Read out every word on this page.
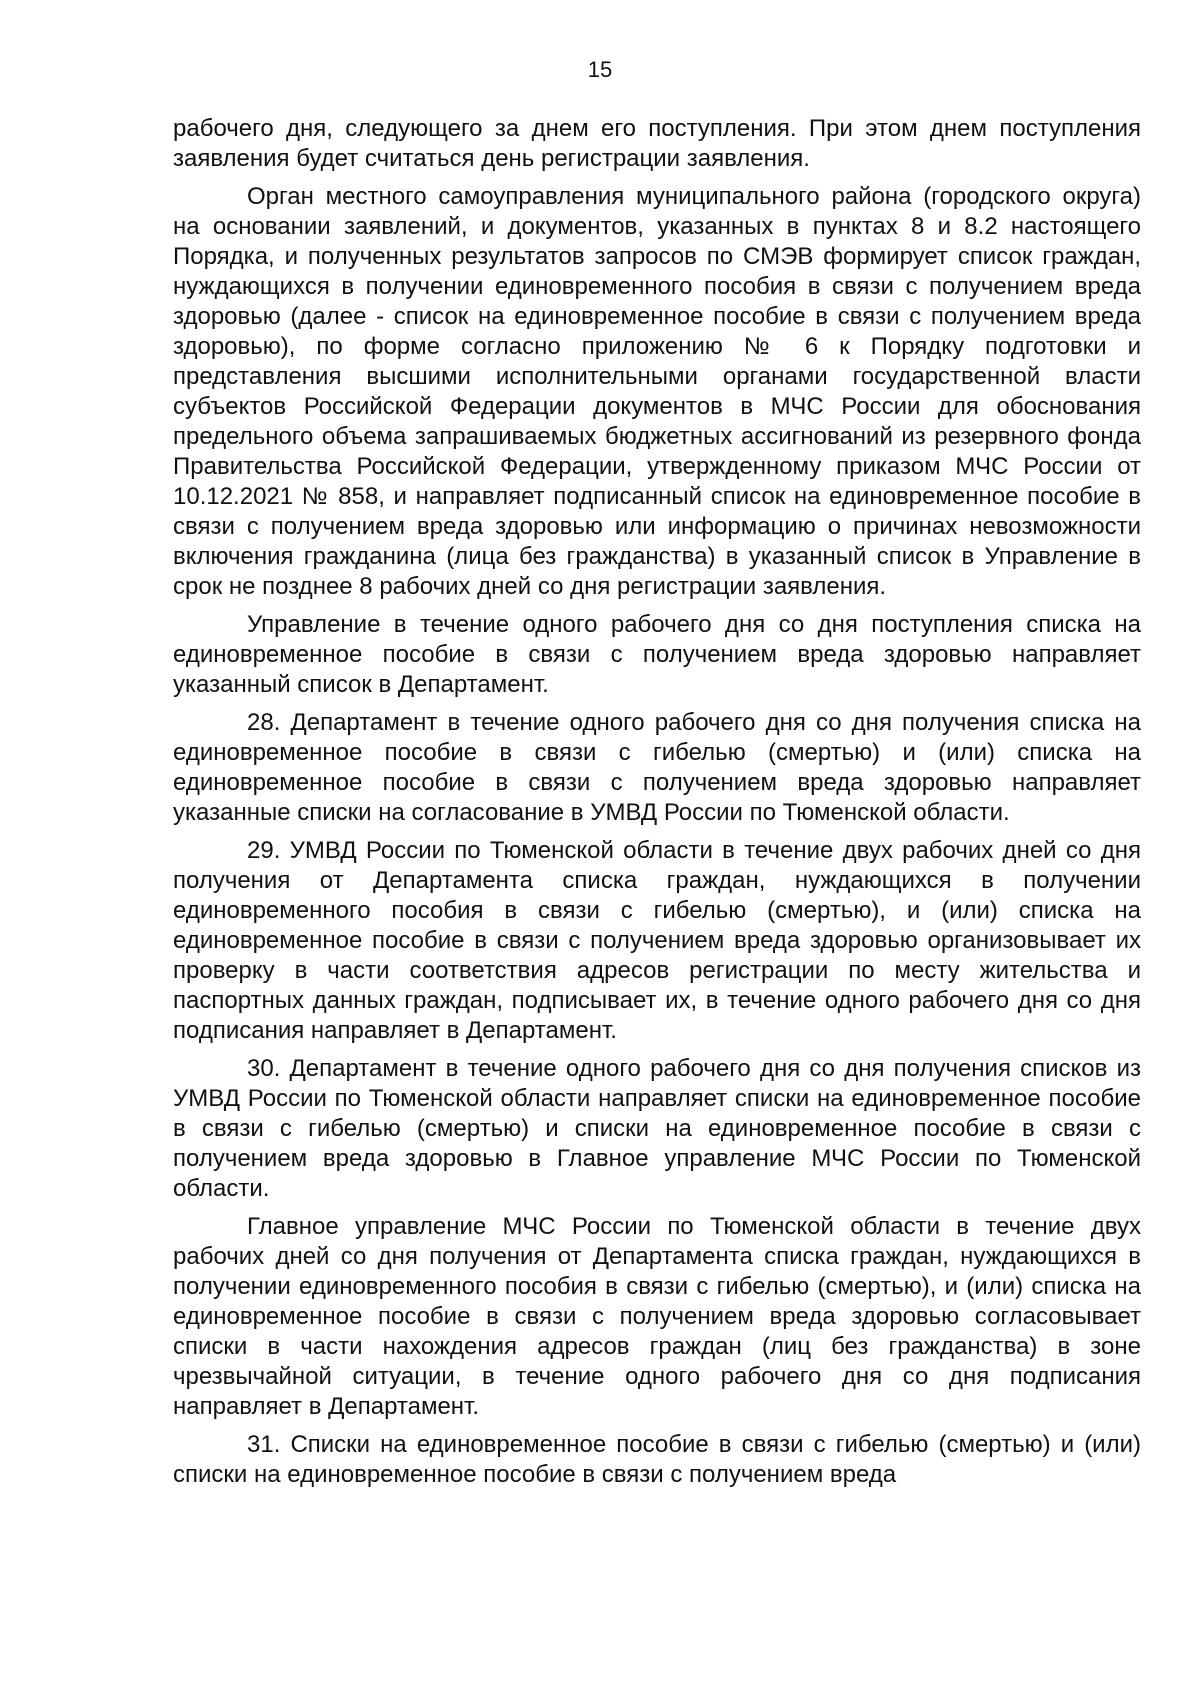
15

рабочего дня, следующего за днем его поступления. При этом днем поступления заявления будет считаться день регистрации заявления.

Орган местного самоуправления муниципального района (городского округа) на основании заявлений, и документов, указанных в пунктах 8 и 8.2 настоящего Порядка, и полученных результатов запросов по СМЭВ формирует список граждан, нуждающихся в получении единовременного пособия в связи с получением вреда здоровью (далее - список на единовременное пособие в связи с получением вреда здоровью), по форме согласно приложению № 6 к Порядку подготовки и представления высшими исполнительными органами государственной власти субъектов Российской Федерации документов в МЧС России для обоснования предельного объема запрашиваемых бюджетных ассигнований из резервного фонда Правительства Российской Федерации, утвержденному приказом МЧС России от 10.12.2021 № 858, и направляет подписанный список на единовременное пособие в связи с получением вреда здоровью или информацию о причинах невозможности включения гражданина (лица без гражданства) в указанный список в Управление в срок не позднее 8 рабочих дней со дня регистрации заявления.

Управление в течение одного рабочего дня со дня поступления списка на единовременное пособие в связи с получением вреда здоровью направляет указанный список в Департамент.

28. Департамент в течение одного рабочего дня со дня получения списка на единовременное пособие в связи с гибелью (смертью) и (или) списка на единовременное пособие в связи с получением вреда здоровью направляет указанные списки на согласование в УМВД России по Тюменской области.

29. УМВД России по Тюменской области в течение двух рабочих дней со дня получения от Департамента списка граждан, нуждающихся в получении единовременного пособия в связи с гибелью (смертью), и (или) списка на единовременное пособие в связи с получением вреда здоровью организовывает их проверку в части соответствия адресов регистрации по месту жительства и паспортных данных граждан, подписывает их, в течение одного рабочего дня со дня подписания направляет в Департамент.

30. Департамент в течение одного рабочего дня со дня получения списков из УМВД России по Тюменской области направляет списки на единовременное пособие в связи с гибелью (смертью) и списки на единовременное пособие в связи с получением вреда здоровью в Главное управление МЧС России по Тюменской области.

Главное управление МЧС России по Тюменской области в течение двух рабочих дней со дня получения от Департамента списка граждан, нуждающихся в получении единовременного пособия в связи с гибелью (смертью), и (или) списка на единовременное пособие в связи с получением вреда здоровью согласовывает списки в части нахождения адресов граждан (лиц без гражданства) в зоне чрезвычайной ситуации, в течение одного рабочего дня со дня подписания направляет в Департамент.

31. Списки на единовременное пособие в связи с гибелью (смертью) и (или) списки на единовременное пособие в связи с получением вреда
